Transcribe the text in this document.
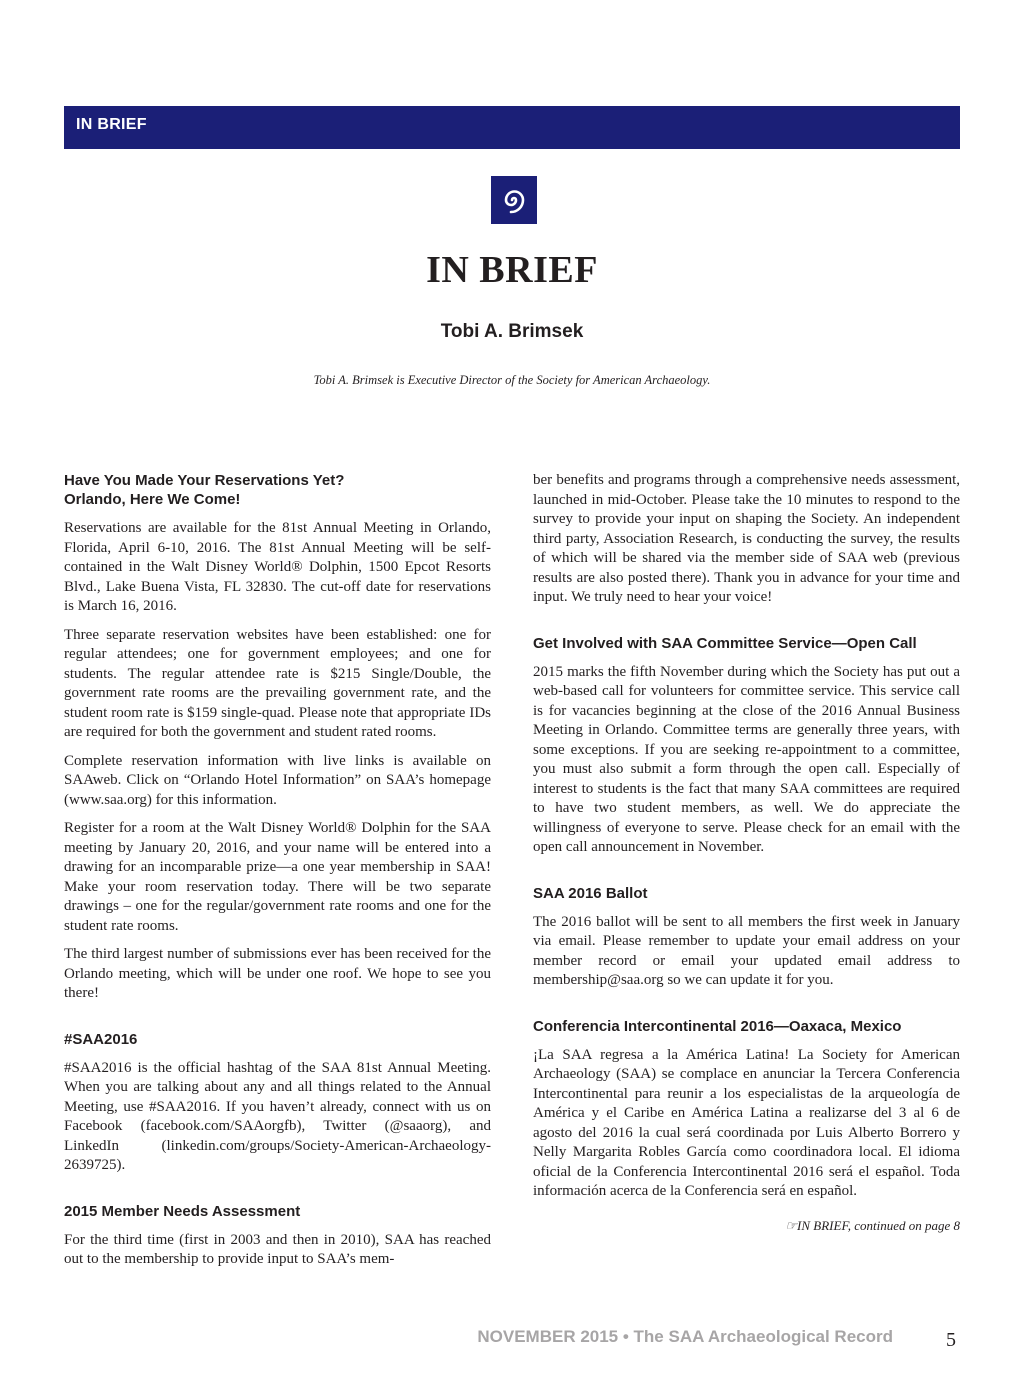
IN BRIEF
IN BRIEF

Tobi A. Brimsek

Tobi A. Brimsek is Executive Director of the Society for American Archaeology.

Have You Made Your Reservations Yet?
Orlando, Here We Come!

Reservations are available for the 81st Annual Meeting in Orlando, Florida, April 6-10, 2016. The 81st Annual Meeting will be self-contained in the Walt Disney World® Dolphin, 1500 Epcot Resorts Blvd., Lake Buena Vista, FL 32830. The cut-off date for reservations is March 16, 2016.

Three separate reservation websites have been established: one for regular attendees; one for government employees; and one for students. The regular attendee rate is $215 Single/Double, the government rate rooms are the prevailing government rate, and the student room rate is $159 single-quad. Please note that appropriate IDs are required for both the government and student rated rooms.

Complete reservation information with live links is available on SAAweb. Click on “Orlando Hotel Information” on SAA’s homepage (www.saa.org) for this information.

Register for a room at the Walt Disney World® Dolphin for the SAA meeting by January 20, 2016, and your name will be entered into a drawing for an incomparable prize—a one year membership in SAA! Make your room reservation today. There will be two separate drawings – one for the regular/government rate rooms and one for the student rate rooms.

The third largest number of submissions ever has been received for the Orlando meeting, which will be under one roof. We hope to see you there!

#SAA2016

#SAA2016 is the official hashtag of the SAA 81st Annual Meeting. When you are talking about any and all things related to the Annual Meeting, use #SAA2016. If you haven’t already, connect with us on Facebook (facebook.com/SAAorgfb), Twitter (@saaorg), and LinkedIn (linkedin.com/groups/Society-American-Archaeology-2639725).

2015 Member Needs Assessment

For the third time (first in 2003 and then in 2010), SAA has reached out to the membership to provide input to SAA’s mem-

ber benefits and programs through a comprehensive needs assessment, launched in mid-October. Please take the 10 minutes to respond to the survey to provide your input on shaping the Society. An independent third party, Association Research, is conducting the survey, the results of which will be shared via the member side of SAA web (previous results are also posted there). Thank you in advance for your time and input. We truly need to hear your voice!

Get Involved with SAA Committee Service—Open Call

2015 marks the fifth November during which the Society has put out a web-based call for volunteers for committee service. This service call is for vacancies beginning at the close of the 2016 Annual Business Meeting in Orlando. Committee terms are generally three years, with some exceptions. If you are seeking re-appointment to a committee, you must also submit a form through the open call. Especially of interest to students is the fact that many SAA committees are required to have two student members, as well. We do appreciate the willingness of everyone to serve. Please check for an email with the open call announcement in November.

SAA 2016 Ballot

The 2016 ballot will be sent to all members the first week in January via email. Please remember to update your email address on your member record or email your updated email address to membership@saa.org so we can update it for you.

Conferencia Intercontinental 2016—Oaxaca, Mexico

¡La SAA regresa a la América Latina! La Society for American Archaeology (SAA) se complace en anunciar la Tercera Conferencia Intercontinental para reunir a los especialistas de la arqueología de América y el Caribe en América Latina a realizarse del 3 al 6 de agosto del 2016 la cual será coordinada por Luis Alberto Borrero y Nelly Margarita Robles García como coordinadora local. El idioma oficial de la Conferencia Intercontinental 2016 será el español. Toda información acerca de la Conferencia será en español.

☞IN BRIEF, continued on page 8
NOVEMBER 2015 • The SAA Archaeological Record	5
